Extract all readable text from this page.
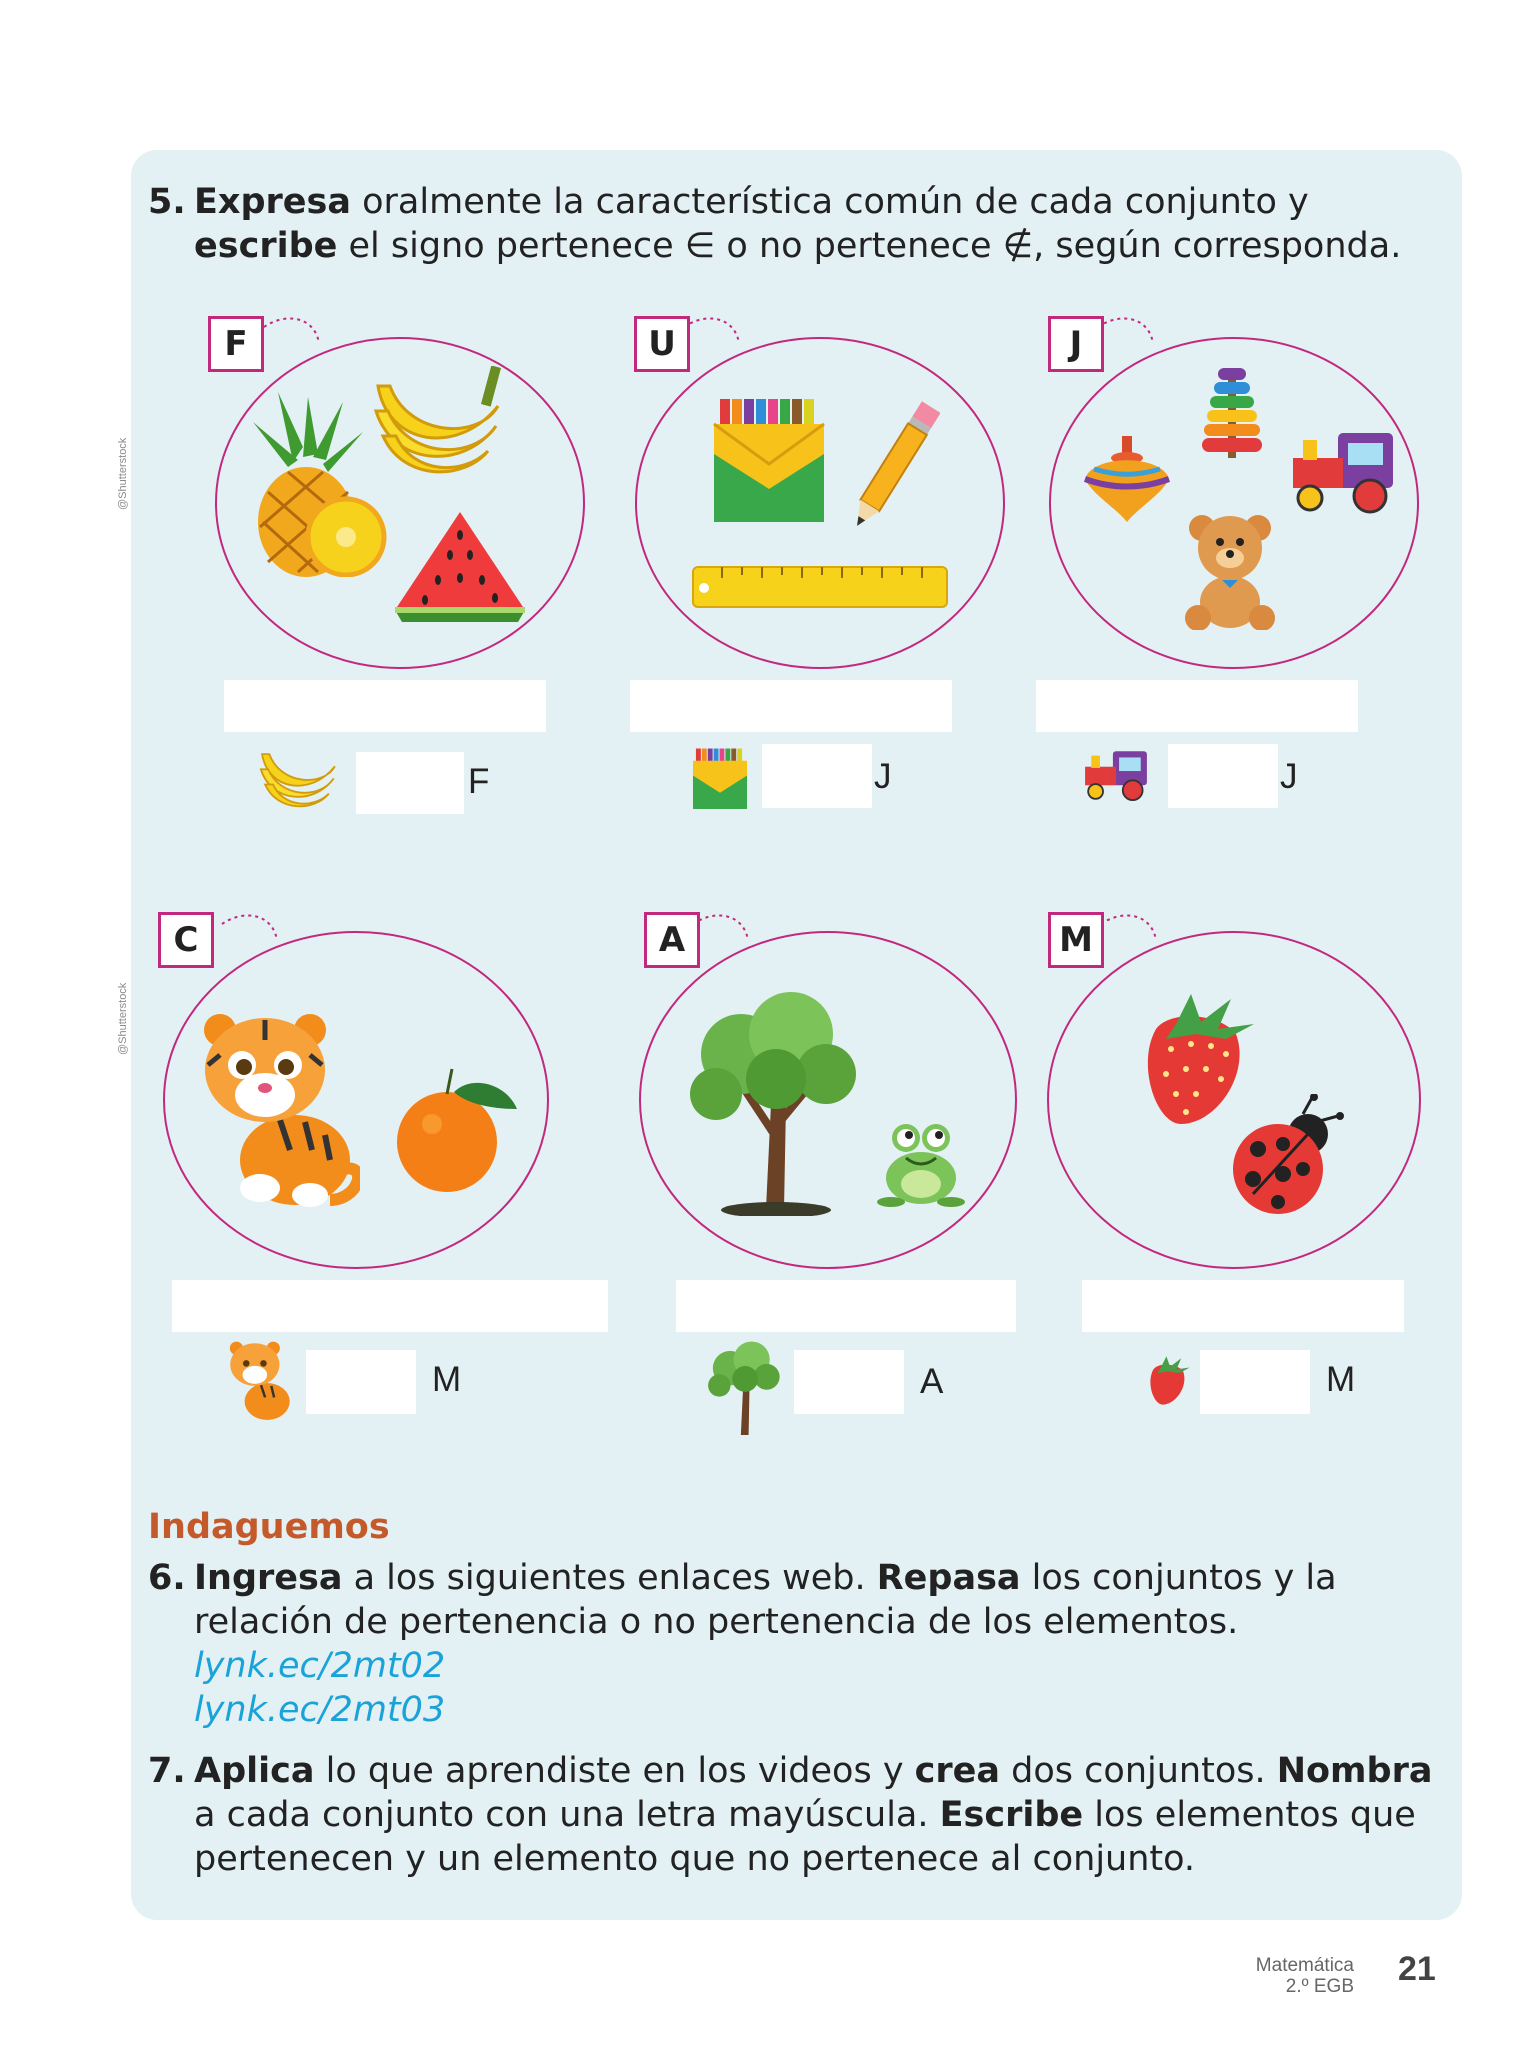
5. Expresa oralmente la característica común de cada conjunto y
escribe el signo pertenece ∈ o no pertenece ∉, según corresponda.
@Shutterstock
@Shutterstock
F
F
U
J
J
J
C
M
A
A
M
M
Indaguemos
6. Ingresa a los siguientes enlaces web. Repasa los conjuntos y la relación de pertenencia o no pertenencia de los elementos.
lynk.ec/2mt02
lynk.ec/2mt03
7. Aplica lo que aprendiste en los videos y crea dos conjuntos. Nombra a cada conjunto con una letra mayúscula. Escribe los elementos que pertenecen y un elemento que no pertenece al conjunto.
Matemática
2.º EGB 21
